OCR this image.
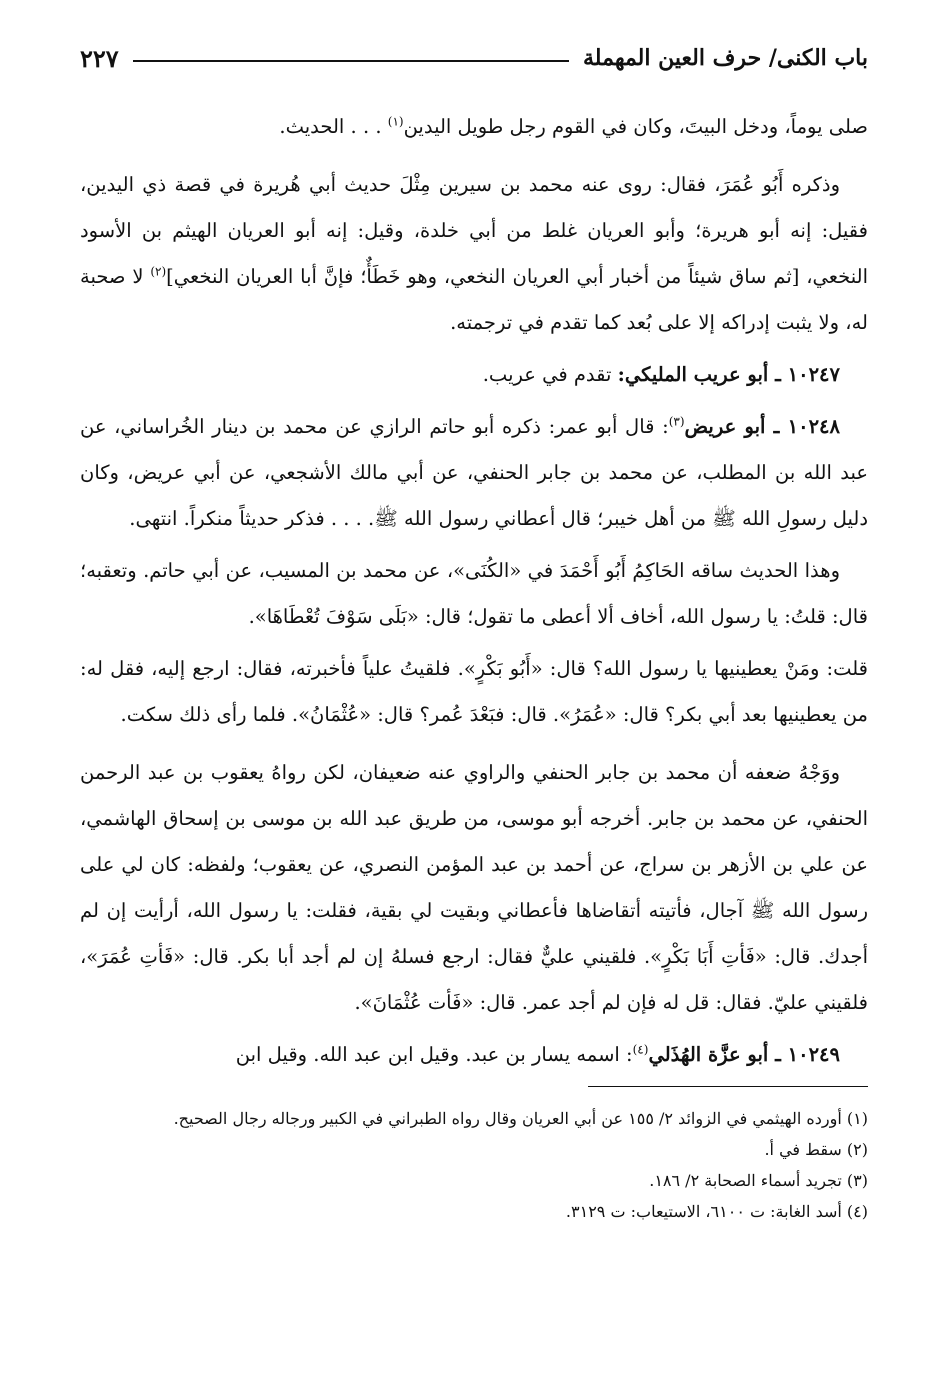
باب الكنى/ حرف العين المهملة
٢٢٧

صلى يوماً، ودخل البيتَ، وكان في القوم رجل طويل اليدين$^{(١)}$ . . . الحديث.

وذكره أَبُو عُمَرَ، فقال: روى عنه محمد بن سيرين مِثْلَ حديث أبي هُريرة في قصة ذي اليدين، فقيل: إنه أبو هريرة؛ وأبو العريان غلط من أبي خلدة، وقيل: إنه أبو العريان الهيثم بن الأسود النخعي، [ثم ساق شيئاً من أخبار أبي العريان النخعي، وهو خَطَأٌ؛ فإنَّ أبا العريان النخعي]$^{(٢)}$ لا صحبة له، ولا يثبت إدراكه إلا على بُعد كما تقدم في ترجمته.

١٠٢٤٧ ـ أبو عريب المليكي: تقدم في عريب.

١٠٢٤٨ ـ أبو عريض$^{(٣)}$: قال أبو عمر: ذكره أبو حاتم الرازي عن محمد بن دينار الخُراساني، عن عبد الله بن المطلب، عن محمد بن جابر الحنفي، عن أبي مالك الأشجعي، عن أبي عريض، وكان دليل رسولِ الله ﷺ من أهل خيبر؛ قال أعطاني رسول الله ﷺ. . . . فذكر حديثاً منكراً. انتهى.

وهذا الحديث ساقه الحَاكِمُ أَبُو أَحْمَدَ في «الكُنَى»، عن محمد بن المسيب، عن أبي حاتم. وتعقبه؛ قال: قلتُ: يا رسول الله، أخاف ألا أعطى ما تقول؛ قال: «بَلَى سَوْفَ تُعْطَاهَا».

قلت: ومَنْ يعطينيها يا رسول الله؟ قال: «أَبُو بَكْرٍ». فلقيتُ علياً فأخبرته، فقال: ارجع إليه، فقل له: من يعطينيها بعد أبي بكر؟ قال: «عُمَرُ». قال: فبَعْدَ عُمر؟ قال: «عُثْمَانُ». فلما رأى ذلك سكت.

ووَجْهُ ضعفه أن محمد بن جابر الحنفي والراوي عنه ضعيفان، لكن رواهُ يعقوب بن عبد الرحمن الحنفي، عن محمد بن جابر. أخرجه أبو موسى، من طريق عبد الله بن موسى بن إسحاق الهاشمي، عن علي بن الأزهر بن سراج، عن أحمد بن عبد المؤمن النصري، عن يعقوب؛ ولفظه: كان لي على رسول الله ﷺ آجال، فأتيته أتقاضاها فأعطاني وبقيت لي بقية، فقلت: يا رسول الله، أرأيت إن لم أجدك. قال: «فَأتِ أَبَا بَكْرٍ». فلقيني عليٌّ فقال: ارجع فسلهُ إن لم أجد أبا بكر. قال: «فَأتِ عُمَرَ»، فلقيني عليّ. فقال: قل له فإن لم أجد عمر. قال: «فَأت عُثْمَانَ».

١٠٢٤٩ ـ أبو عزَّة الهُذَلي$^{(٤)}$: اسمه يسار بن عبد. وقيل ابن عبد الله. وقيل ابن

(١) أورده الهيثمي في الزوائد ٢/ ١٥٥ عن أبي العريان وقال رواه الطبراني في الكبير ورجاله رجال الصحيح.

(٢) سقط في أ.

(٣) تجريد أسماء الصحابة ٢/ ١٨٦.

(٤) أسد الغابة: ت ٦١٠٠، الاستيعاب: ت ٣١٢٩.
